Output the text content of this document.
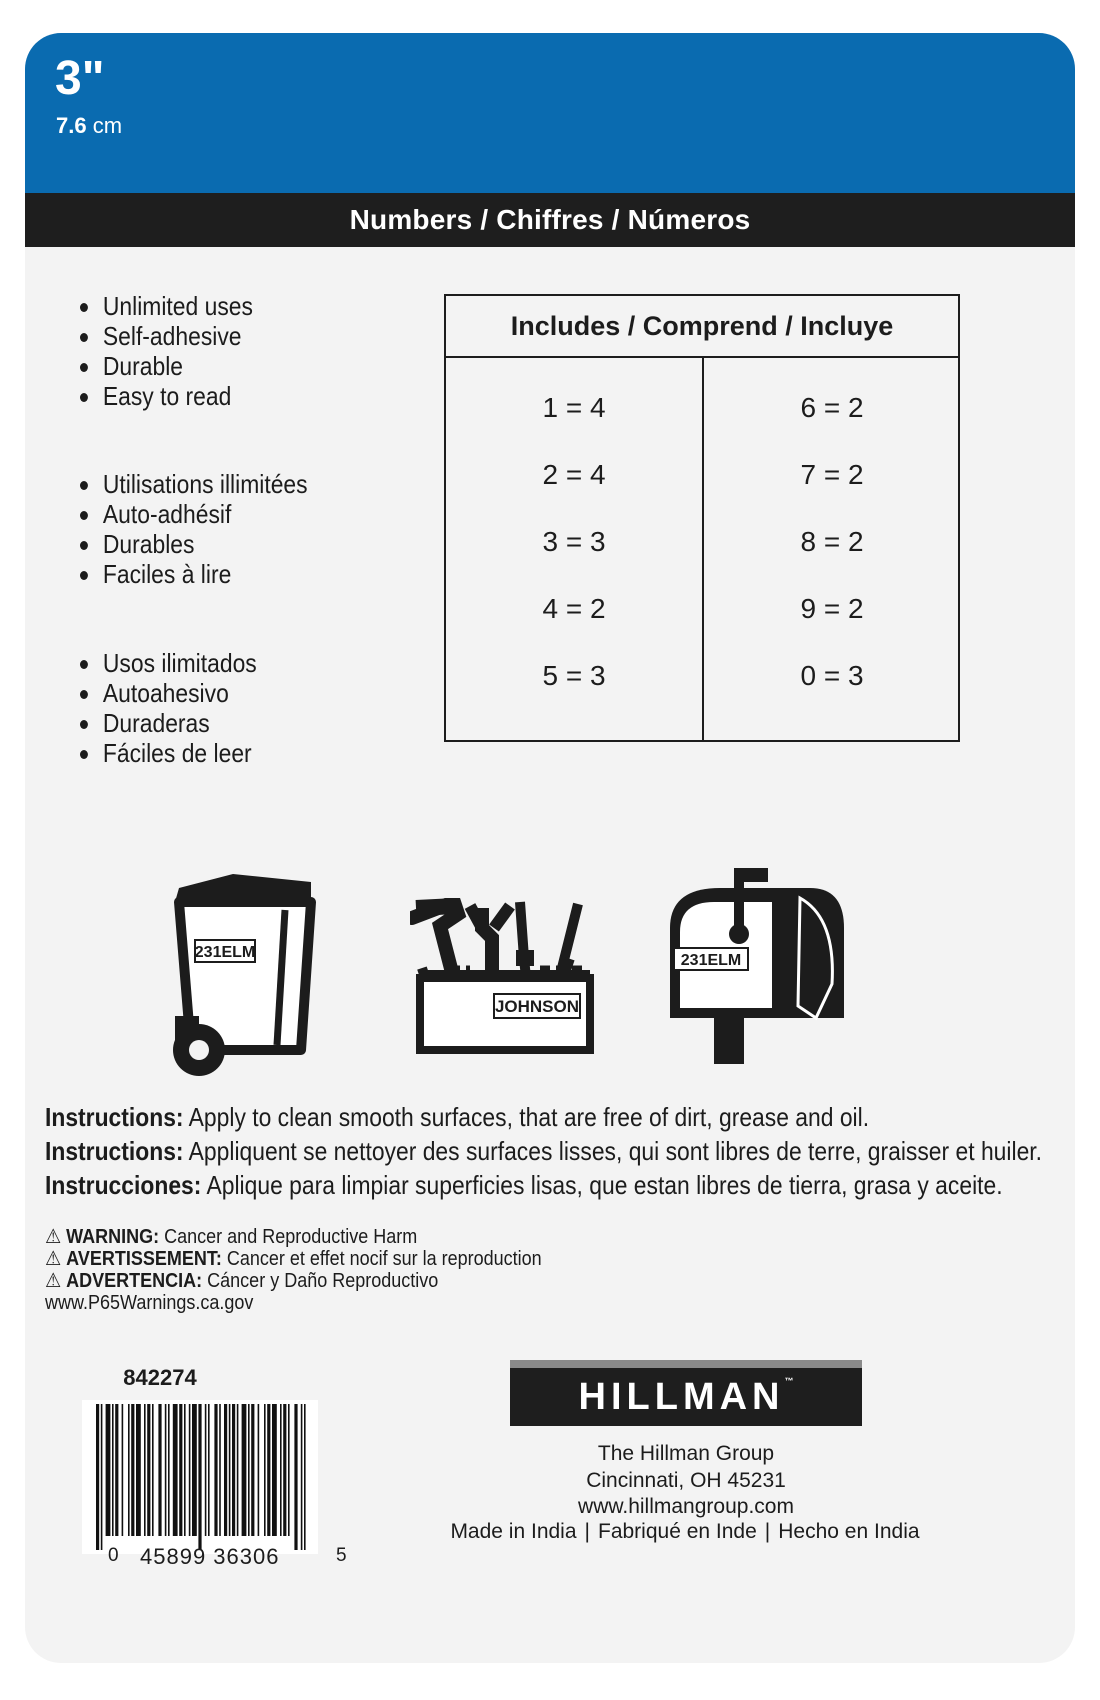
3"
7.6 cm
Numbers / Chiffres / Números
Unlimited uses
Self-adhesive
Durable
Easy to read
Utilisations illimitées
Auto-adhésif
Durables
Faciles à lire
Usos ilimitados
Autoahesivo
Duraderas
Fáciles de leer
Includes / Comprend / Incluye
1 = 4
2 = 4
3 = 3
4 = 2
5 = 3
6 = 2
7 = 2
8 = 2
9 = 2
0 = 3
231ELM
JOHNSON
231ELM
Instructions: Apply to clean smooth surfaces, that are free of dirt, grease and oil.
Instructions: Appliquent se nettoyer des surfaces lisses, qui sont libres de terre, graisser et huiler.
Instrucciones: Aplique para limpiar superficies lisas, que estan libres de tierra, grasa y aceite.
⚠ WARNING: Cancer and Reproductive Harm
⚠ AVERTISSEMENT: Cancer et effet nocif sur la reproduction
⚠ ADVERTENCIA: Cáncer y Daño Reproductivo
www.P65Warnings.ca.gov
842274
0 45899 36306	5
HILLMAN™
The Hillman Group
Cincinnati, OH 45231
www.hillmangroup.com
Made in India | Fabriqué en Inde | Hecho en India
